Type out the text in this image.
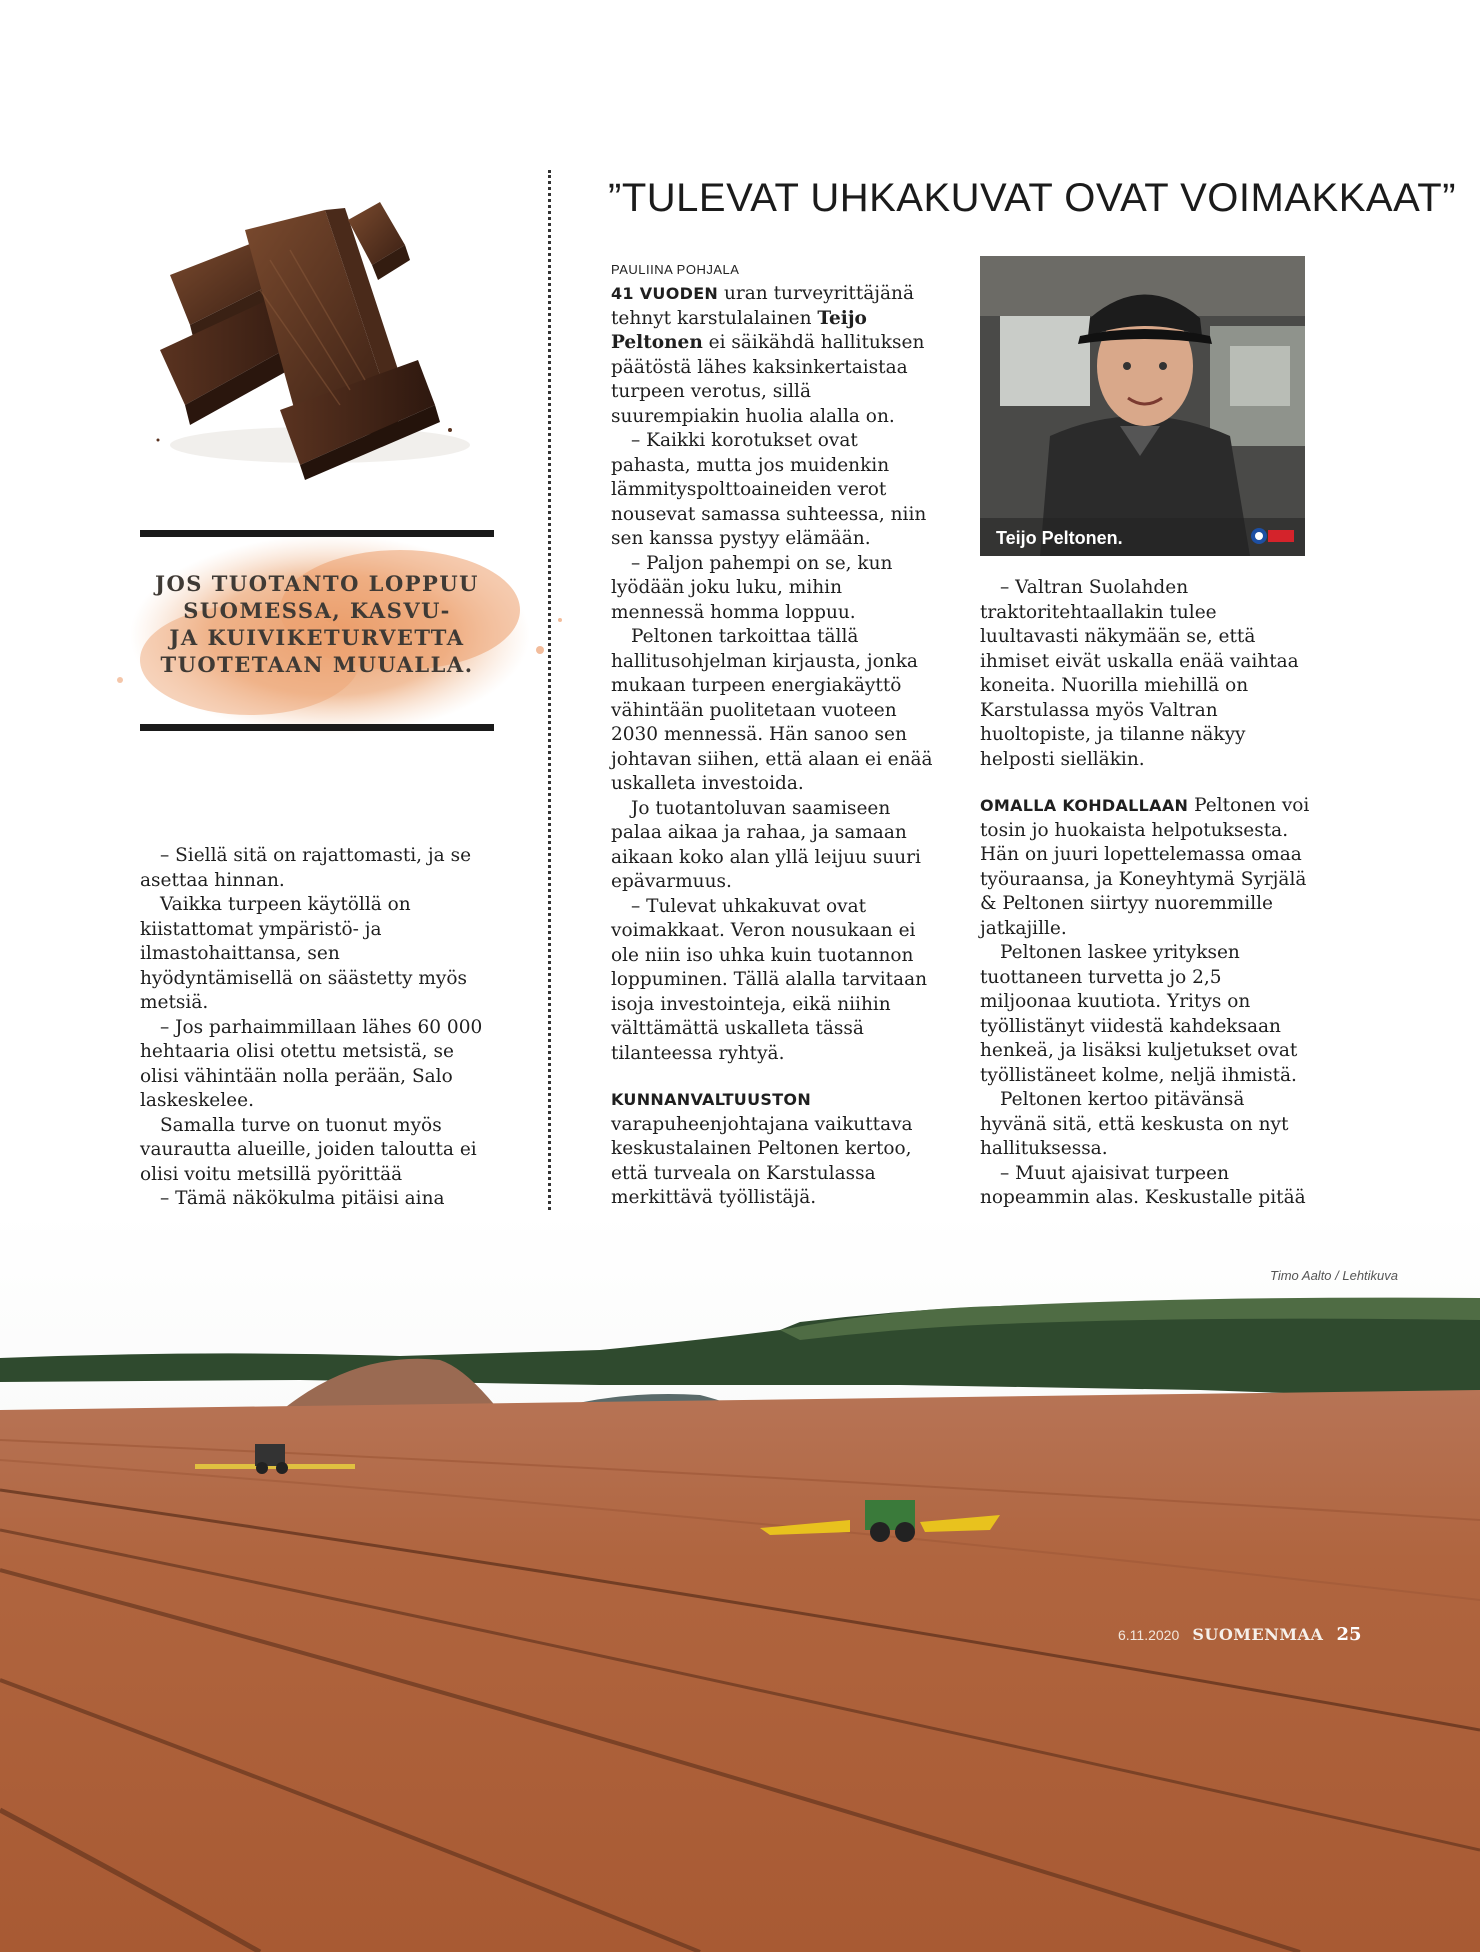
JOS TUOTANTO LOPPUU
SUOMESSA, KASVU-
JA KUIVIKETURVETTA
TUOTETAAN MUUALLA.

– Siellä sitä on rajattomasti, ja se asettaa hinnan.

Vaikka turpeen käytöllä on kiistattomat ympäristö- ja ilmastohaittansa, sen hyödyntämisellä on säästetty myös metsiä.

– Jos parhaimmillaan lähes 60 000 hehtaaria olisi otettu metsistä, se olisi vähintään nolla perään, Salo laskeskelee.

Samalla turve on tuonut myös vaurautta alueille, joiden taloutta ei olisi voitu metsillä pyörittää

– Tämä näkökulma pitäisi aina

”TULEVAT UHKAKUVAT OVAT VOIMAKKAAT”
PAULIINA POHJALA

41 VUODEN uran turveyrittäjänä tehnyt karstulalainen Teijo Peltonen ei säikähdä hallituksen päätöstä lähes kaksinkertaistaa turpeen verotus, sillä suurempiakin huolia alalla on.

– Kaikki korotukset ovat pahasta, mutta jos muidenkin lämmityspolttoaineiden verot nousevat samassa suhteessa, niin sen kanssa pystyy elämään.

– Paljon pahempi on se, kun lyödään joku luku, mihin mennessä homma loppuu.

Peltonen tarkoittaa tällä hallitusohjelman kirjausta, jonka mukaan turpeen energiakäyttö vähintään puolitetaan vuoteen 2030 mennessä. Hän sanoo sen johtavan siihen, että alaan ei enää uskalleta investoida.

Jo tuotantoluvan saamiseen palaa aikaa ja rahaa, ja samaan aikaan koko alan yllä leijuu suuri epävarmuus.

– Tulevat uhkakuvat ovat voimakkaat. Veron nousukaan ei ole niin iso uhka kuin tuotannon loppuminen. Tällä alalla tarvitaan isoja investointeja, eikä niihin välttämättä uskalleta tässä tilanteessa ryhtyä.

KUNNANVALTUUSTON varapuheenjohtajana vaikuttava keskustalainen Peltonen kertoo, että turveala on Karstulassa merkittävä työllistäjä.

Teijo Peltonen.

– Valtran Suolahden traktoritehtaallakin tulee luultavasti näkymään se, että ihmiset eivät uskalla enää vaihtaa koneita. Nuorilla miehillä on Karstulassa myös Valtran huoltopiste, ja tilanne näkyy helposti sielläkin.

OMALLA KOHDALLAAN Peltonen voi tosin jo huokaista helpotuksesta. Hän on juuri lopettelemassa omaa työuraansa, ja Koneyhtymä Syrjälä & Peltonen siirtyy nuoremmille jatkajille.

Peltonen laskee yrityksen tuottaneen turvetta jo 2,5 miljoonaa kuutiota. Yritys on työllistänyt viidestä kahdeksaan henkeä, ja lisäksi kuljetukset ovat työllistäneet kolme, neljä ihmistä.

Peltonen kertoo pitävänsä hyvänä sitä, että keskusta on nyt hallituksessa.

– Muut ajaisivat turpeen nopeammin alas. Keskustalle pitää

Timo Aalto / Lehtikuva
6.11.2020 SUOMENMAA 25
